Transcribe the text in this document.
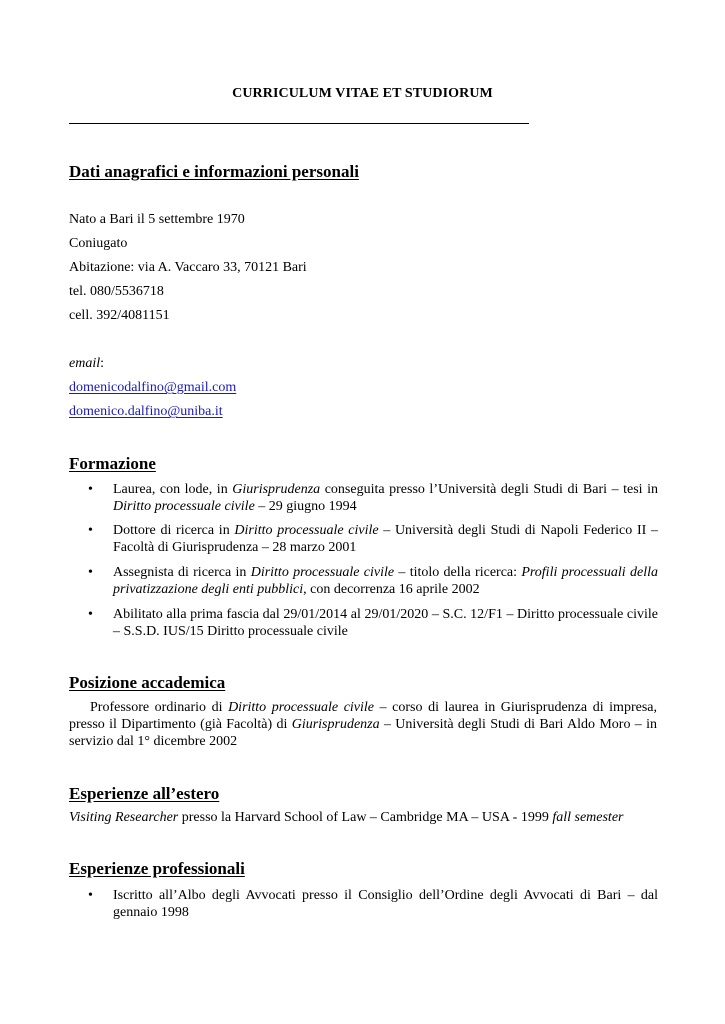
CURRICULUM VITAE ET STUDIORUM
Dati anagrafici e informazioni personali
Nato a Bari il 5 settembre 1970
Coniugato
Abitazione: via A. Vaccaro 33, 70121 Bari
tel. 080/5536718
cell. 392/4081151
email:
domenicodalfino@gmail.com
domenico.dalfino@uniba.it
Formazione
• Laurea, con lode, in Giurisprudenza conseguita presso l’Università degli Studi di Bari – tesi in Diritto processuale civile – 29 giugno 1994
• Dottore di ricerca in Diritto processuale civile – Università degli Studi di Napoli Federico II – Facoltà di Giurisprudenza – 28 marzo 2001
• Assegnista di ricerca in Diritto processuale civile – titolo della ricerca: Profili processuali della privatizzazione degli enti pubblici, con decorrenza 16 aprile 2002
• Abilitato alla prima fascia dal 29/01/2014 al 29/01/2020 – S.C. 12/F1 – Diritto processuale civile – S.S.D. IUS/15 Diritto processuale civile
Posizione accademica
Professore ordinario di Diritto processuale civile – corso di laurea in Giurisprudenza di impresa, presso il Dipartimento (già Facoltà) di Giurisprudenza – Università degli Studi di Bari Aldo Moro – in servizio dal 1° dicembre 2002
Esperienze all’estero
Visiting Researcher presso la Harvard School of Law – Cambridge MA – USA - 1999 fall semester
Esperienze professionali
• Iscritto all’Albo degli Avvocati presso il Consiglio dell’Ordine degli Avvocati di Bari – dal gennaio 1998
